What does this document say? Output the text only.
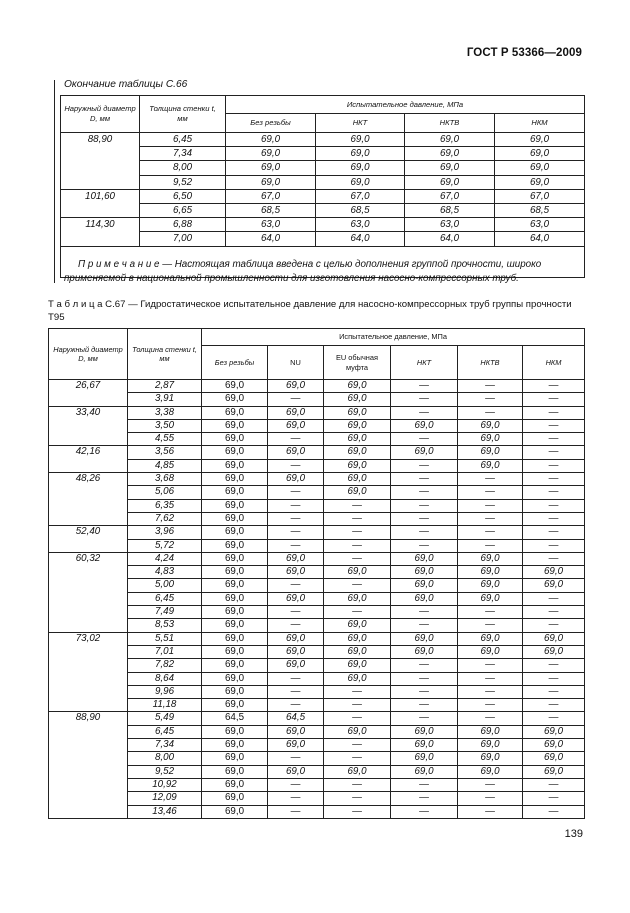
ГОСТ Р 53366—2009
Окончание таблицы С.66
Наружный диаметр D, мм	Толщина стенки t, мм	Испытательное давление, МПа			
		Без резьбы	НКТ	НКТВ	НКМ
88,90	6,45	69,0	69,0	69,0	69,0
	7,34	69,0	69,0	69,0	69,0
	8,00	69,0	69,0	69,0	69,0
	9,52	69,0	69,0	69,0	69,0
101,60	6,50	67,0	67,0	67,0	67,0
	6,65	68,5	68,5	68,5	68,5
114,30	6,88	63,0	63,0	63,0	63,0
	7,00	64,0	64,0	64,0	64,0

П р и м е ч а н и е — Настоящая таблица введена с целью дополнения группой прочности, широко применяемой в национальной промышленности для изготовления насосно-компрессорных труб.
Т а б л и ц а С.67 — Гидростатическое испытательное давление для насосно-компрессорных труб группы прочности Т95
Наружный диаметр D, мм	Толщина стенки t, мм	Испытательное давление, МПа					
		Без резьбы	NU	EU обычная муфта	НКТ	НКТВ	НКМ
26,67	2,87	69,0	69,0	69,0	—	—	—
	3,91	69,0	—	69,0	—	—	—
33,40	3,38	69,0	69,0	69,0	—	—	—
	3,50	69,0	69,0	69,0	69,0	69,0	—
	4,55	69,0	—	69,0	—	69,0	—
42,16	3,56	69,0	69,0	69,0	69,0	69,0	—
	4,85	69,0	—	69,0	—	69,0	—
48,26	3,68	69,0	69,0	69,0	—	—	—
	5,06	69,0	—	69,0	—	—	—
	6,35	69,0	—	—	—	—	—
	7,62	69,0	—	—	—	—	—
52,40	3,96	69,0	—	—	—	—	—
	5,72	69,0	—	—	—	—	—
60,32	4,24	69,0	69,0	—	69,0	69,0	—
	4,83	69,0	69,0	69,0	69,0	69,0	69,0
	5,00	69,0	—	—	69,0	69,0	69,0
	6,45	69,0	69,0	69,0	69,0	69,0	—
	7,49	69,0	—	—	—	—	—
	8,53	69,0	—	69,0	—	—	—
73,02	5,51	69,0	69,0	69,0	69,0	69,0	69,0
	7,01	69,0	69,0	69,0	69,0	69,0	69,0
	7,82	69,0	69,0	69,0	—	—	—
	8,64	69,0	—	69,0	—	—	—
	9,96	69,0	—	—	—	—	—
	11,18	69,0	—	—	—	—	—
88,90	5,49	64,5	64,5	—	—	—	—
	6,45	69,0	69,0	69,0	69,0	69,0	69,0
	7,34	69,0	69,0	—	69,0	69,0	69,0
	8,00	69,0	—	—	69,0	69,0	69,0
	9,52	69,0	69,0	69,0	69,0	69,0	69,0
	10,92	69,0	—	—	—	—	—
	12,09	69,0	—	—	—	—	—
	13,46	69,0	—	—	—	—	—
139
